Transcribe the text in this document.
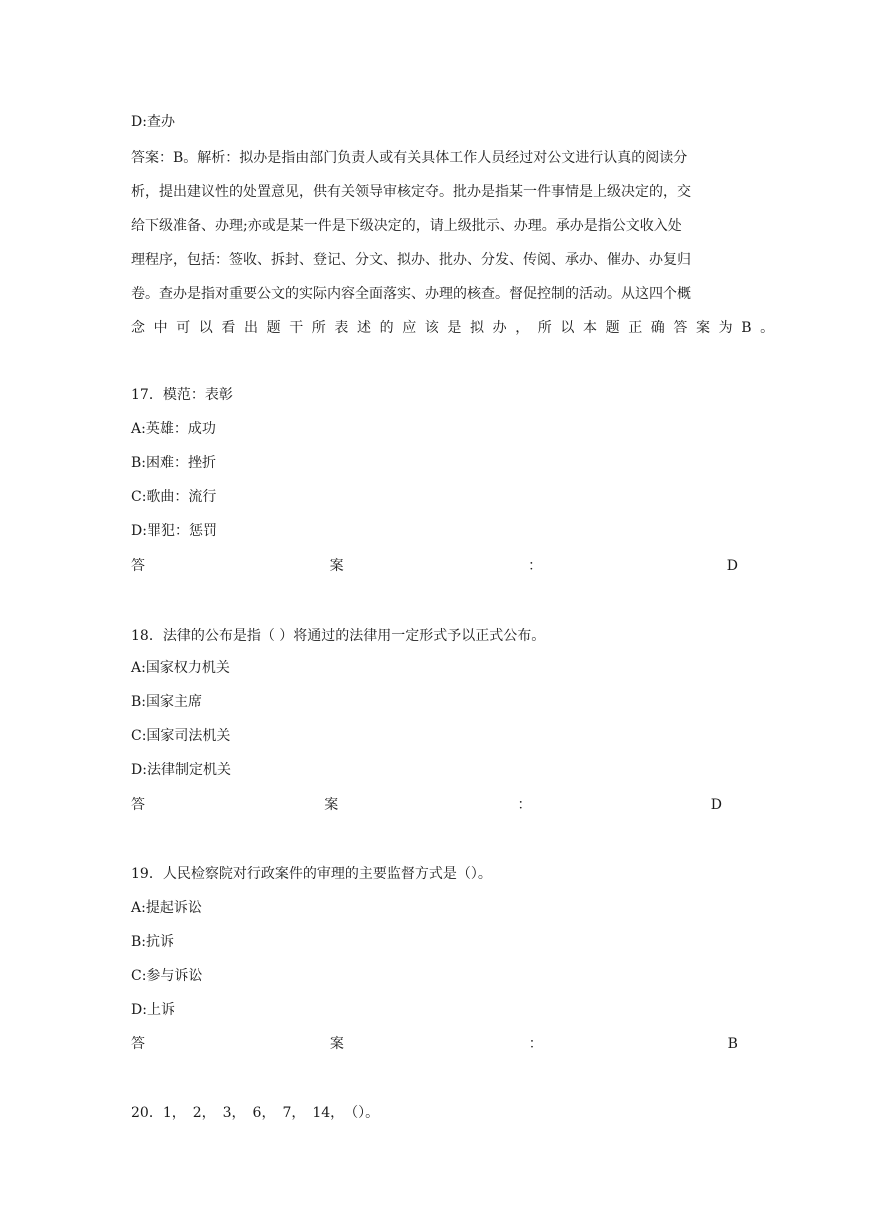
D:查办
答案：B。解析：拟办是指由部门负责人或有关具体工作人员经过对公文进行认真的阅读分
析，提出建议性的处置意见，供有关领导审核定夺。批办是指某一件事情是上级决定的，交
给下级准备、办理;亦或是某一件是下级决定的，请上级批示、办理。承办是指公文收入处
理程序，包括：签收、拆封、登记、分文、拟办、批办、分发、传阅、承办、催办、办复归
卷。查办是指对重要公文的实际内容全面落实、办理的核查。督促控制的活动。从这四个概
念中可以看出题干所表述的应该是拟办，所以本题正确答案为B。
17．模范：表彰
A:英雄：成功
B:困难：挫折
C:歌曲：流行
D:罪犯：惩罚
答	案	：	D
18．法律的公布是指（ ）将通过的法律用一定形式予以正式公布。
A:国家权力机关
B:国家主席
C:国家司法机关
D:法律制定机关
答	案	：	D
19．人民检察院对行政案件的审理的主要监督方式是（）。
A:提起诉讼
B:抗诉
C:参与诉讼
D:上诉
答	案	：	B
20．1，　2，　3，　6，　7，　14，　（）。
